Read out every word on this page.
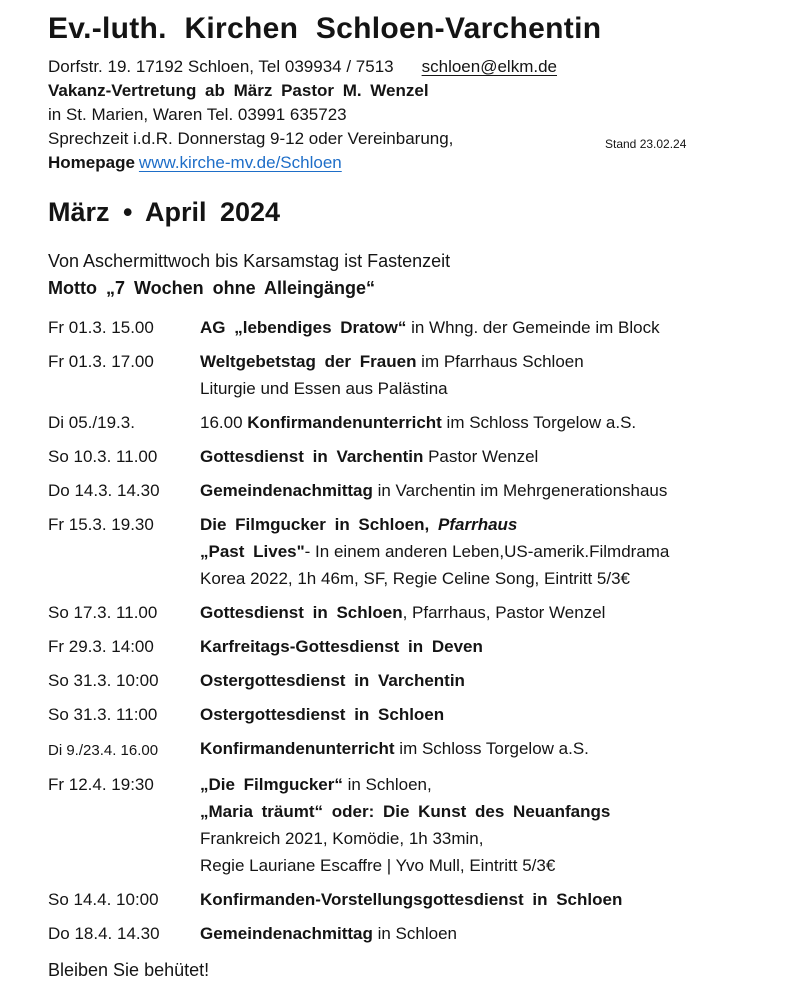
Ev.-luth. Kirchen Schloen-Varchentin

Dorfstr. 19. 17192 Schloen, Tel 039934 / 7513 schloen@elkm.de

Vakanz-Vertretung ab März Pastor M. Wenzel

in St. Marien, Waren Tel. 03991 635723

Sprechzeit i.d.R. Donnerstag 9-12 oder Vereinbarung,	Stand 23.02.24

Homepage www.kirche-mv.de/Schloen

März • April 2024

Von Aschermittwoch bis Karsamstag ist Fastenzeit

Motto „7 Wochen ohne Alleingänge“

Fr 01.3. 15.00	AG „lebendiges Dratow“ in Whng. der Gemeinde im Block
Fr 01.3. 17.00	Weltgebetstag der Frauen im Pfarrhaus Schloen
Liturgie und Essen aus Palästina
Di 05./19.3.	16.00 Konfirmandenunterricht im Schloss Torgelow a.S.
So 10.3. 11.00	Gottesdienst in Varchentin Pastor Wenzel
Do 14.3. 14.30	Gemeindenachmittag in Varchentin im Mehrgenerationshaus
Fr 15.3. 19.30	Die Filmgucker in Schloen, Pfarrhaus
„Past Lives"- In einem anderen Leben,US-amerik.Filmdrama
Korea 2022, 1h 46m, SF, Regie Celine Song, Eintritt 5/3€
So 17.3. 11.00	Gottesdienst in Schloen, Pfarrhaus, Pastor Wenzel
Fr 29.3. 14:00	Karfreitags-Gottesdienst in Deven
So 31.3. 10:00	Ostergottesdienst in Varchentin
So 31.3. 11:00	Ostergottesdienst in Schloen
Di 9./23.4. 16.00	Konfirmandenunterricht im Schloss Torgelow a.S.
Fr 12.4. 19:30	„Die Filmgucker“ in Schloen,
„Maria träumt“ oder: Die Kunst des Neuanfangs
Frankreich 2021, Komödie, 1h 33min,
Regie Lauriane Escaffre | Yvo Mull, Eintritt 5/3€
So 14.4. 10:00	Konfirmanden-Vorstellungsgottesdienst in Schloen
Do 18.4. 14.30	Gemeindenachmittag in Schloen

Bleiben Sie behütet!
